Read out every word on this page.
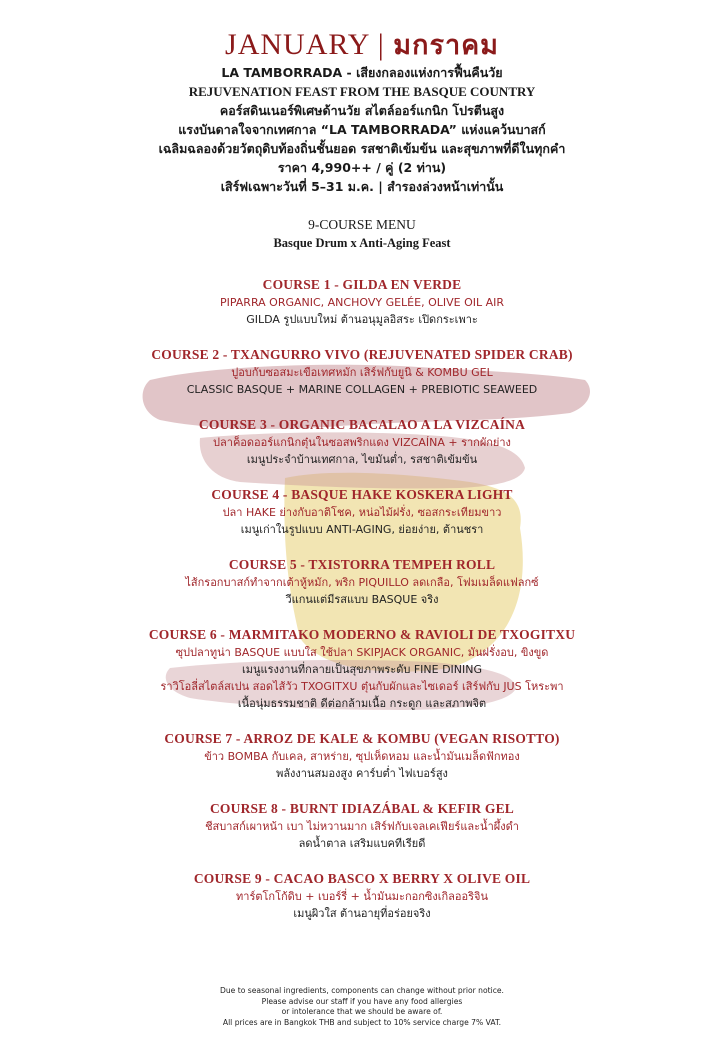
JANUARY | มกราคม
LA TAMBORRADA - เสียงกลองแห่งการฟื้นคืนวัย
REJUVENATION FEAST FROM THE BASQUE COUNTRY
คอร์สดินเนอร์พิเศษด้านวัย สไตล์ออร์แกนิก โปรตีนสูง
แรงบันดาลใจจากเทศกาล “LA TAMBORRADA” แห่งแคว้นบาสก์
เฉลิมฉลองด้วยวัตถุดิบท้องถิ่นชั้นยอด รสชาติเข้มข้น และสุขภาพที่ดีในทุกคำ
ราคา 4,990++ / คู่ (2 ท่าน)
เสิร์ฟเฉพาะวันที่ 5–31 ม.ค. | สำรองล่วงหน้าเท่านั้น
9-COURSE MENU
Basque Drum x Anti-Aging Feast
COURSE 1 - GILDA EN VERDE
PIPARRA ORGANIC, ANCHOVY GELÉE, OLIVE OIL AIR
GILDA รูปแบบใหม่ ต้านอนุมูลอิสระ เปิดกระเพาะ
COURSE 2 - TXANGURRO VIVO (REJUVENATED SPIDER CRAB)
ปูอบกับซอสมะเขือเทศหมัก เสิร์ฟกับยูนิ & KOMBU GEL
CLASSIC BASQUE + MARINE COLLAGEN + PREBIOTIC SEAWEED
COURSE 3 - ORGANIC BACALAO A LA VIZCAÍNA
ปลาค็อดออร์แกนิกตุ๋นในซอสพริกแดง VIZCAÍNA + รากผักย่าง
เมนูประจำบ้านเทศกาล, ไขมันต่ำ, รสชาติเข้มข้น
COURSE 4 - BASQUE HAKE KOSKERA LIGHT
ปลา HAKE ย่างกับอาติโชค, หน่อไม้ฝรั่ง, ซอสกระเทียมขาว
เมนูเก่าในรูปแบบ ANTI-AGING, ย่อยง่าย, ต้านชรา
COURSE 5 - TXISTORRA TEMPEH ROLL
ไส้กรอกบาสก์ทำจากเต้าหู้หมัก, พริก PIQUILLO ลดเกลือ, โฟมเมล็ดแฟลกซ์
วีแกนแต่มีรสแบบ BASQUE จริง
COURSE 6 - MARMITAKO MODERNO & RAVIOLI DE TXOGITXU
ซุปปลาทูน่า BASQUE แบบใส ใช้ปลา SKIPJACK ORGANIC, มันฝรั่งอบ, ขิงขูด
เมนูแรงงานที่กลายเป็นสุขภาพระดับ FINE DINING
ราวิโอลี่สไตล์สเปน สอดไส้วัว TXOGITXU ตุ๋นกับผักและไซเดอร์ เสิร์ฟกับ JUS โหระพา
เนื้อนุ่มธรรมชาติ ดีต่อกล้ามเนื้อ กระดูก และสภาพจิต
COURSE 7 - ARROZ DE KALE & KOMBU (VEGAN RISOTTO)
ข้าว BOMBA กับเคล, สาหร่าย, ซุปเห็ดหอม และน้ำมันเมล็ดฟักทอง
พลังงานสมองสูง คาร์บต่ำ ไฟเบอร์สูง
COURSE 8 - BURNT IDIAZÁBAL & KEFIR GEL
ชีสบาสก์เผาหน้า เบา ไม่หวานมาก เสิร์ฟกับเจลเคเฟียร์และน้ำผึ้งดำ
ลดน้ำตาล เสริมแบคทีเรียดี
COURSE 9 - CACAO BASCO X BERRY X OLIVE OIL
ทาร์ตโกโก้ดิบ + เบอร์รี่ + น้ำมันมะกอกซิงเกิลออริจิน
เมนูผิวใส ต้านอายุที่อร่อยจริง
Due to seasonal ingredients, components can change without prior notice.
Please advise our staff if you have any food allergies
or intolerance that we should be aware of.
All prices are in Bangkok THB and subject to 10% service charge 7% VAT.
